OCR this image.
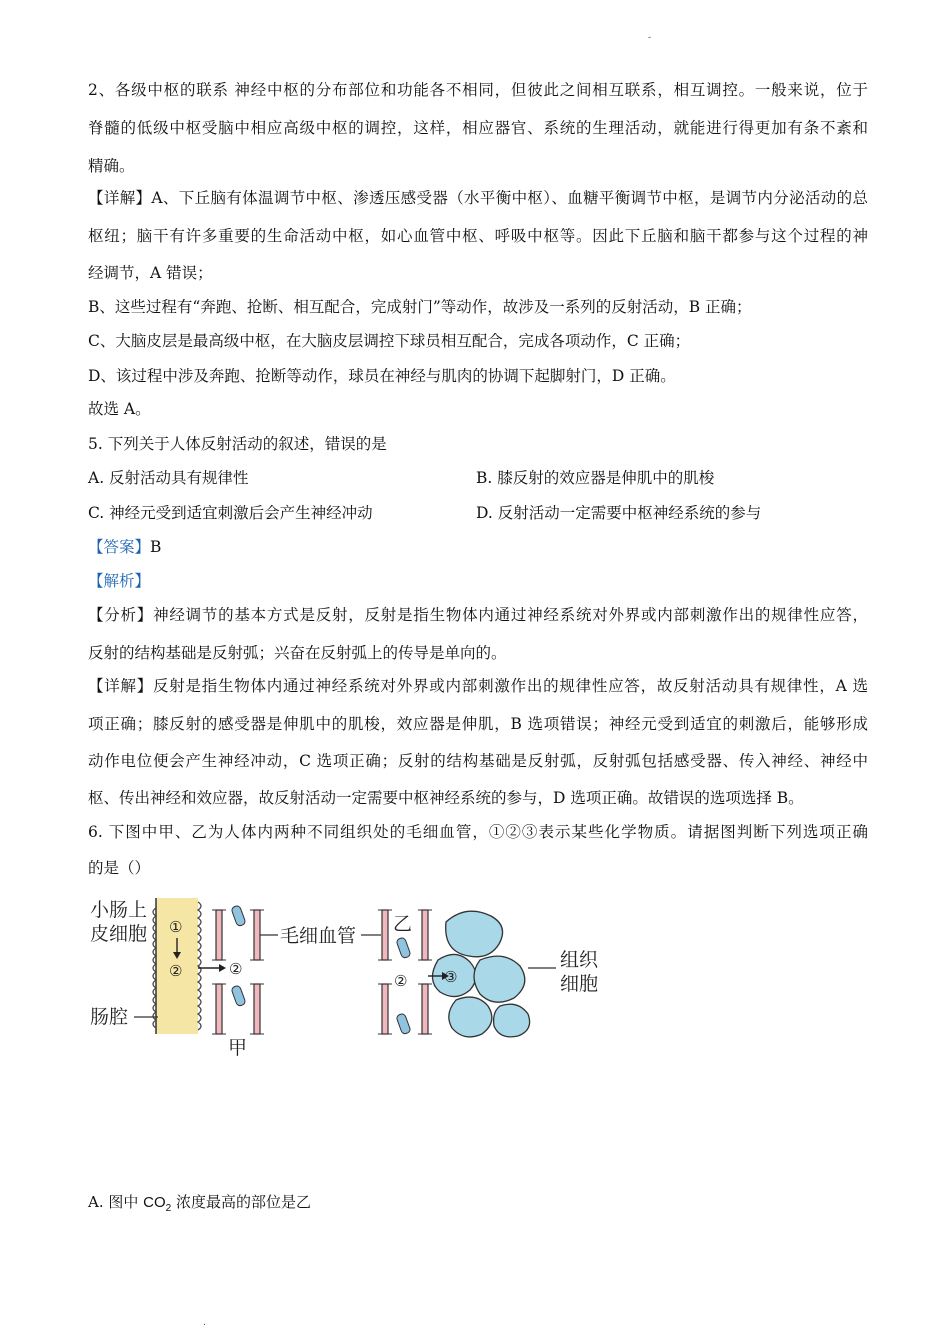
-
2、各级中枢的联系 神经中枢的分布部位和功能各不相同，但彼此之间相互联系，相互调控。一般来说，位于
脊髓的低级中枢受脑中相应高级中枢的调控，这样，相应器官、系统的生理活动，就能进行得更加有条不紊和
精确。
【详解】A、下丘脑有体温调节中枢、渗透压感受器（水平衡中枢）、血糖平衡调节中枢，是调节内分泌活动的总
枢纽；脑干有许多重要的生命活动中枢，如心血管中枢、呼吸中枢等。因此下丘脑和脑干都参与这个过程的神
经调节，A 错误；
B、这些过程有“奔跑、抢断、相互配合，完成射门”等动作，故涉及一系列的反射活动，B 正确；
C、大脑皮层是最高级中枢，在大脑皮层调控下球员相互配合，完成各项动作，C 正确；
D、该过程中涉及奔跑、抢断等动作，球员在神经与肌肉的协调下起脚射门，D 正确。
故选 A。
5. 下列关于人体反射活动的叙述，错误的是
A. 反射活动具有规律性	B. 膝反射的效应器是伸肌中的肌梭
C. 神经元受到适宜刺激后会产生神经冲动	D. 反射活动一定需要中枢神经系统的参与
【答案】B
【解析】
【分析】神经调节的基本方式是反射，反射是指生物体内通过神经系统对外界或内部刺激作出的规律性应答，
反射的结构基础是反射弧；兴奋在反射弧上的传导是单向的。
【详解】反射是指生物体内通过神经系统对外界或内部刺激作出的规律性应答，故反射活动具有规律性，A 选
项正确；膝反射的感受器是伸肌中的肌梭，效应器是伸肌，B 选项错误；神经元受到适宜的刺激后，能够形成
动作电位便会产生神经冲动，C 选项正确；反射的结构基础是反射弧，反射弧包括感受器、传入神经、神经中
枢、传出神经和效应器，故反射活动一定需要中枢神经系统的参与，D 选项正确。故错误的选项选择 B。
6. 下图中甲、乙为人体内两种不同组织处的毛细血管，①②③表示某些化学物质。请据图判断下列选项正确
的是（）
①
②
小肠上
皮细胞
肠腔
②
甲
毛细血管
乙
② ③
组织
细胞
A. 图中 $CO_2$ 浓度最高的部位是乙
.
